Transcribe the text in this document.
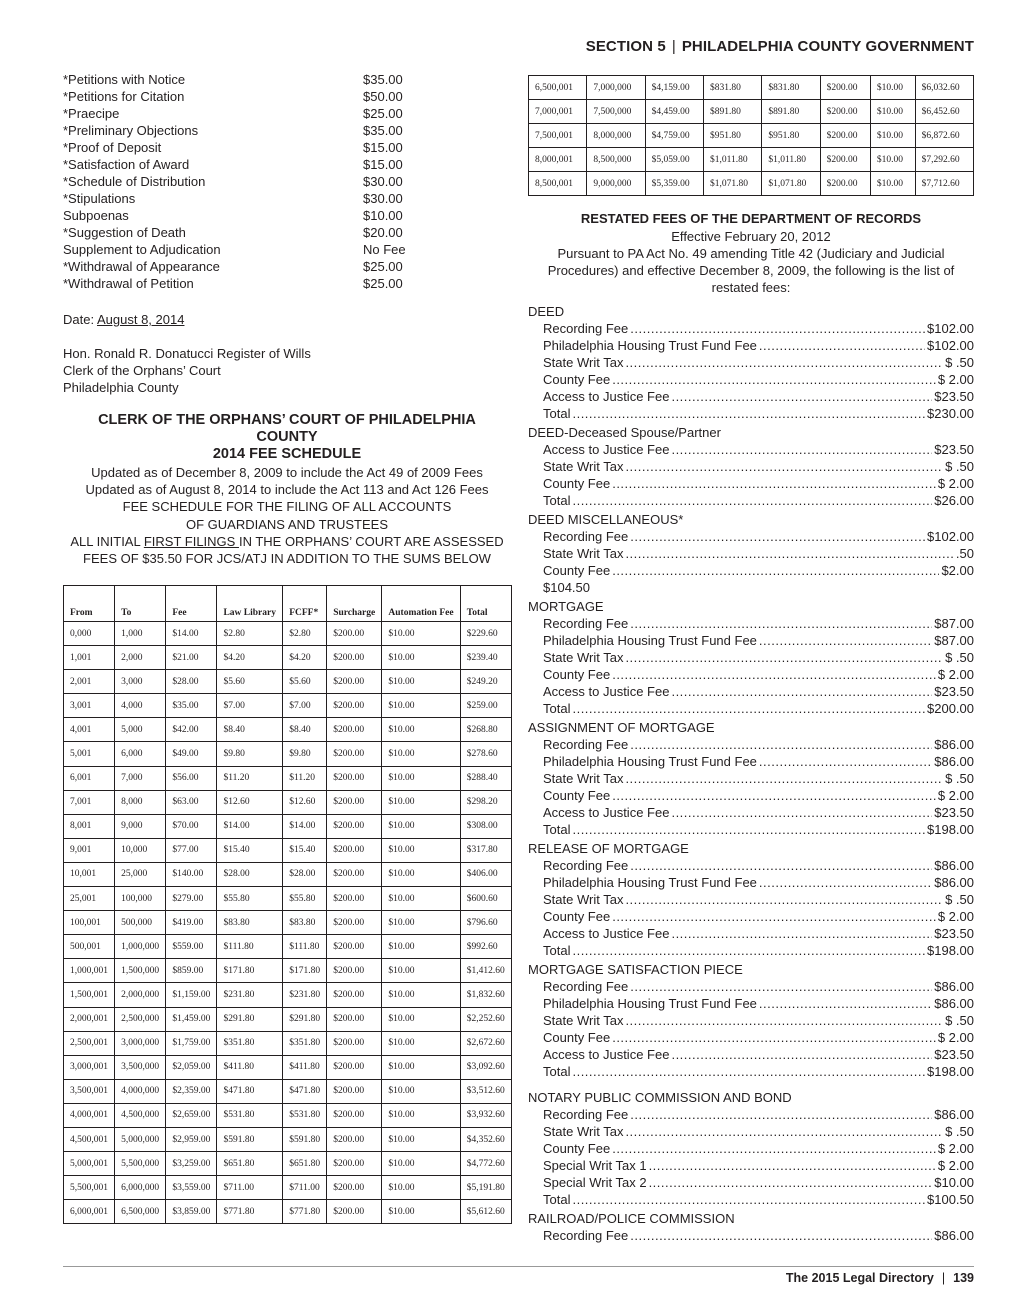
SECTION 5 | PHILADELPHIA COUNTY GOVERNMENT
*Petitions with Notice	$35.00
*Petitions for Citation	$50.00
*Praecipe	$25.00
*Preliminary Objections	$35.00
*Proof of Deposit	$15.00
*Satisfaction of Award	$15.00
*Schedule of Distribution	$30.00
*Stipulations	$30.00
Subpoenas	$10.00
*Suggestion of Death	$20.00
Supplement to Adjudication	No Fee
*Withdrawal of Appearance	$25.00
*Withdrawal of Petition	$25.00
Date: August 8, 2014
Hon. Ronald R. Donatucci Register of Wills
Clerk of the Orphans’ Court
Philadelphia County
CLERK OF THE ORPHANS’ COURT OF PHILADELPHIA
COUNTY
2014 FEE SCHEDULE
Updated as of December 8, 2009 to include the Act 49 of 2009 Fees
Updated as of August 8, 2014 to include the Act 113 and Act 126 Fees
FEE SCHEDULE FOR THE FILING OF ALL ACCOUNTS
OF GUARDIANS AND TRUSTEES
ALL INITIAL FIRST FILINGS IN THE ORPHANS’ COURT ARE ASSESSED
FEES OF $35.50 FOR JCS/ATJ IN ADDITION TO THE SUMS BELOW
From	To	Fee	Law Library	FCFF*	Surcharge	Automation Fee	Total
0,000	1,000	$14.00	$2.80	$2.80	$200.00	$10.00	$229.60
1,001	2,000	$21.00	$4.20	$4.20	$200.00	$10.00	$239.40
2,001	3,000	$28.00	$5.60	$5.60	$200.00	$10.00	$249.20
3,001	4,000	$35.00	$7.00	$7.00	$200.00	$10.00	$259.00
4,001	5,000	$42.00	$8.40	$8.40	$200.00	$10.00	$268.80
5,001	6,000	$49.00	$9.80	$9.80	$200.00	$10.00	$278.60
6,001	7,000	$56.00	$11.20	$11.20	$200.00	$10.00	$288.40
7,001	8,000	$63.00	$12.60	$12.60	$200.00	$10.00	$298.20
8,001	9,000	$70.00	$14.00	$14.00	$200.00	$10.00	$308.00
9,001	10,000	$77.00	$15.40	$15.40	$200.00	$10.00	$317.80
10,001	25,000	$140.00	$28.00	$28.00	$200.00	$10.00	$406.00
25,001	100,000	$279.00	$55.80	$55.80	$200.00	$10.00	$600.60
100,001	500,000	$419.00	$83.80	$83.80	$200.00	$10.00	$796.60
500,001	1,000,000	$559.00	$111.80	$111.80	$200.00	$10.00	$992.60
1,000,001	1,500,000	$859.00	$171.80	$171.80	$200.00	$10.00	$1,412.60
1,500,001	2,000,000	$1,159.00	$231.80	$231.80	$200.00	$10.00	$1,832.60
2,000,001	2,500,000	$1,459.00	$291.80	$291.80	$200.00	$10.00	$2,252.60
2,500,001	3,000,000	$1,759.00	$351.80	$351.80	$200.00	$10.00	$2,672.60
3,000,001	3,500,000	$2,059.00	$411.80	$411.80	$200.00	$10.00	$3,092.60
3,500,001	4,000,000	$2,359.00	$471.80	$471.80	$200.00	$10.00	$3,512.60
4,000,001	4,500,000	$2,659.00	$531.80	$531.80	$200.00	$10.00	$3,932.60
4,500,001	5,000,000	$2,959.00	$591.80	$591.80	$200.00	$10.00	$4,352.60
5,000,001	5,500,000	$3,259.00	$651.80	$651.80	$200.00	$10.00	$4,772.60
5,500,001	6,000,000	$3,559.00	$711.00	$711.00	$200.00	$10.00	$5,191.80
6,000,001	6,500,000	$3,859.00	$771.80	$771.80	$200.00	$10.00	$5,612.60
6,500,001	7,000,000	$4,159.00	$831.80	$831.80	$200.00	$10.00	$6,032.60
7,000,001	7,500,000	$4,459.00	$891.80	$891.80	$200.00	$10.00	$6,452.60
7,500,001	8,000,000	$4,759.00	$951.80	$951.80	$200.00	$10.00	$6,872.60
8,000,001	8,500,000	$5,059.00	$1,011.80	$1,011.80	$200.00	$10.00	$7,292.60
8,500,001	9,000,000	$5,359.00	$1,071.80	$1,071.80	$200.00	$10.00	$7,712.60
RESTATED FEES OF THE DEPARTMENT OF RECORDS
Effective February 20, 2012
Pursuant to PA Act No. 49 amending Title 42 (Judiciary and Judicial Procedures) and effective December 8, 2009, the following is the list of restated fees:
DEED
Recording Fee .....	$102.00
Philadelphia Housing Trust Fund Fee .....	$102.00
State Writ Tax .....	$ .50
County Fee .....	$ 2.00
Access to Justice Fee .....	$23.50
Total .....	$230.00
DEED-Deceased Spouse/Partner
Access to Justice Fee .....	$23.50
State Writ Tax .....	$ .50
County Fee .....	$ 2.00
Total .....	$26.00
DEED MISCELLANEOUS*
Recording Fee .....	$102.00
State Writ Tax .....	.50
County Fee .....	$2.00
$104.50
MORTGAGE
Recording Fee .....	$87.00
Philadelphia Housing Trust Fund Fee .....	$87.00
State Writ Tax .....	$ .50
County Fee .....	$ 2.00
Access to Justice Fee .....	$23.50
Total .....	$200.00
ASSIGNMENT OF MORTGAGE
Recording Fee .....	$86.00
Philadelphia Housing Trust Fund Fee .....	$86.00
State Writ Tax .....	$ .50
County Fee .....	$ 2.00
Access to Justice Fee .....	$23.50
Total .....	$198.00
RELEASE OF MORTGAGE
Recording Fee .....	$86.00
Philadelphia Housing Trust Fund Fee .....	$86.00
State Writ Tax .....	$ .50
County Fee .....	$ 2.00
Access to Justice Fee .....	$23.50
Total .....	$198.00
MORTGAGE SATISFACTION PIECE
Recording Fee .....	$86.00
Philadelphia Housing Trust Fund Fee .....	$86.00
State Writ Tax .....	$ .50
County Fee .....	$ 2.00
Access to Justice Fee .....	$23.50
Total .....	$198.00
NOTARY PUBLIC COMMISSION AND BOND
Recording Fee .....	$86.00
State Writ Tax .....	$ .50
County Fee .....	$ 2.00
Special Writ Tax 1 .....	$ 2.00
Special Writ Tax 2 .....	$10.00
Total .....	$100.50
RAILROAD/POLICE COMMISSION
Recording Fee .....	$86.00
The 2015 Legal Directory | 139
